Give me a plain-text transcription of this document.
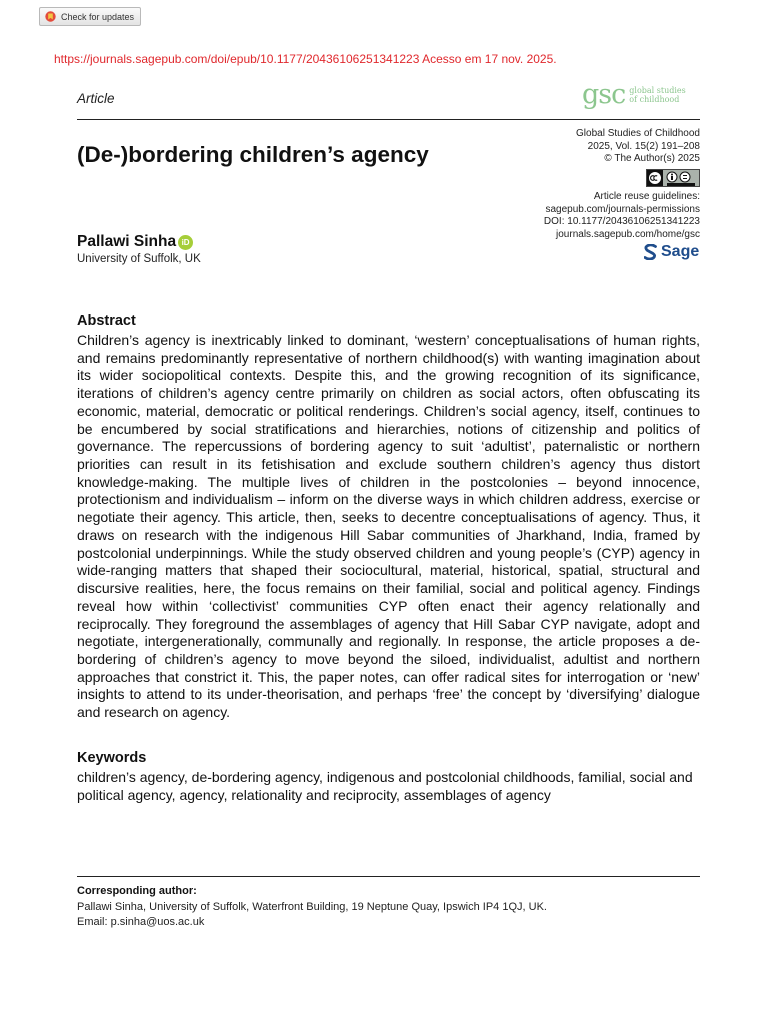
Check for updates
https://journals.sagepub.com/doi/epub/10.1177/20436106251341223 Acesso em 17 nov. 2025.
Article	gsc global studies
of childhood
(De-)bordering children’s agency
Global Studies of Childhood
2025, Vol. 15(2) 191–208
© The Author(s) 2025
Article reuse guidelines:
sagepub.com/journals-permissions
DOI: 10.1177/20436106251341223
journals.sagepub.com/home/gsc
Sage
Pallawi Sinha iD
University of Suffolk, UK
Abstract

Children’s agency is inextricably linked to dominant, ‘western’ conceptualisations of human rights, and remains predominantly representative of northern childhood(s) with wanting imagination about its wider sociopolitical contexts. Despite this, and the growing recognition of its significance, iterations of children’s agency centre primarily on children as social actors, often obfuscating its economic, material, democratic or political renderings. Children’s social agency, itself, continues to be encumbered by social stratifications and hierarchies, notions of citizenship and politics of governance. The repercussions of bordering agency to suit ‘adultist’, paternalistic or northern priorities can result in its fetishisation and exclude southern children’s agency thus distort knowledge-making. The multiple lives of children in the postcolonies – beyond innocence, protectionism and individualism – inform on the diverse ways in which children address, exercise or negotiate their agency. This article, then, seeks to decentre conceptualisations of agency. Thus, it draws on research with the indigenous Hill Sabar communities of Jharkhand, India, framed by postcolonial underpinnings. While the study observed children and young people’s (CYP) agency in wide-ranging matters that shaped their sociocultural, material, historical, spatial, structural and discursive realities, here, the focus remains on their familial, social and political agency. Findings reveal how within ‘collectivist’ communities CYP often enact their agency relationally and reciprocally. They foreground the assemblages of agency that Hill Sabar CYP navigate, adopt and negotiate, intergenerationally, communally and regionally. In response, the article proposes a de-bordering of children’s agency to move beyond the siloed, individualist, adultist and northern approaches that constrict it. This, the paper notes, can offer radical sites for interrogation or ‘new’ insights to attend to its under-theorisation, and perhaps ‘free’ the concept by ‘diversifying’ dialogue and research on agency.

Keywords

children’s agency, de-bordering agency, indigenous and postcolonial childhoods, familial, social and political agency, agency, relationality and reciprocity, assemblages of agency

Corresponding author:
Pallawi Sinha, University of Suffolk, Waterfront Building, 19 Neptune Quay, Ipswich IP4 1QJ, UK.
Email: p.sinha@uos.ac.uk
